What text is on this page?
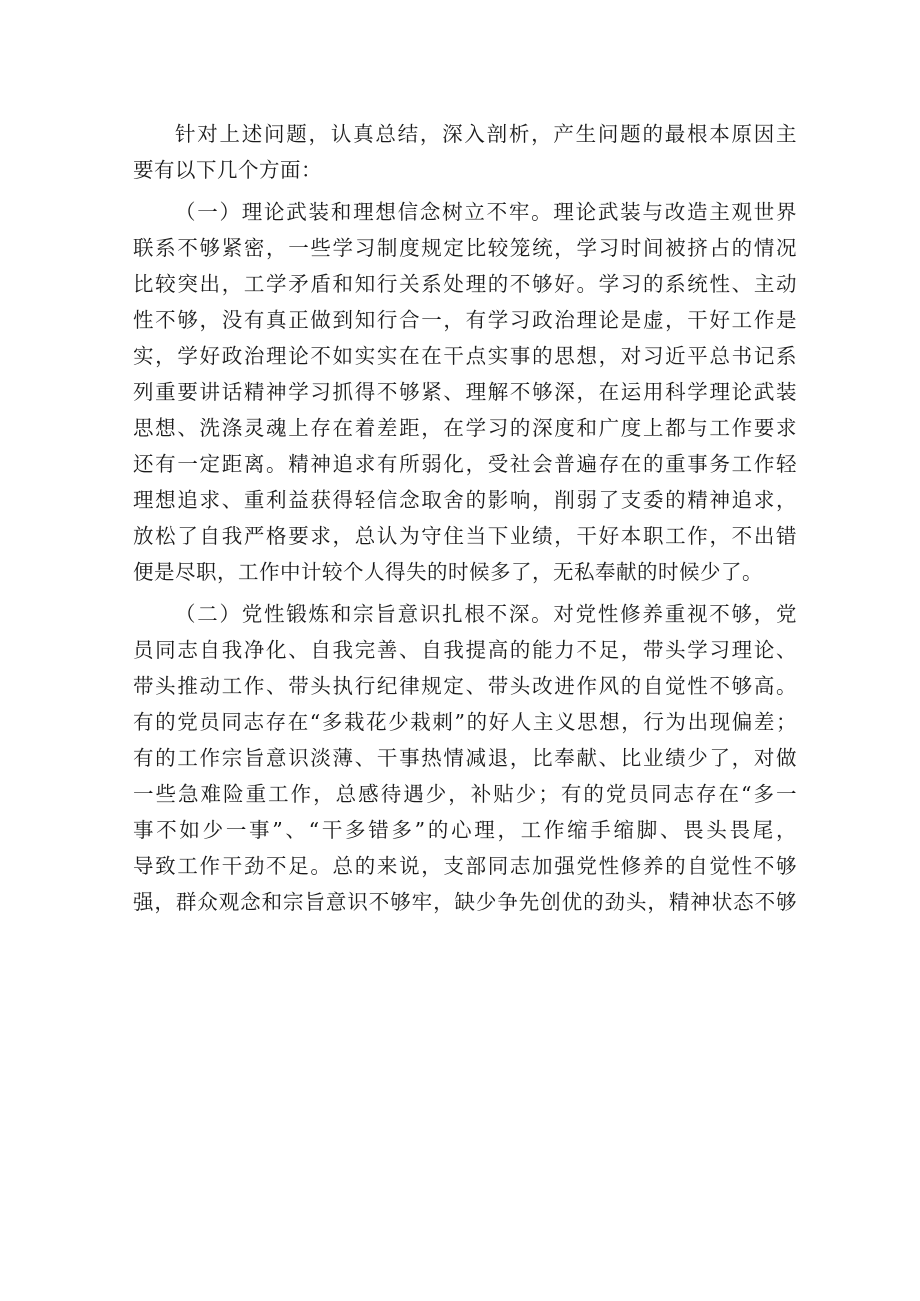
针对上述问题，认真总结，深入剖析，产生问题的最根本原因主
要有以下几个方面：
（一）理论武装和理想信念树立不牢。理论武装与改造主观世界
联系不够紧密，一些学习制度规定比较笼统，学习时间被挤占的情况
比较突出，工学矛盾和知行关系处理的不够好。学习的系统性、主动
性不够，没有真正做到知行合一，有学习政治理论是虚，干好工作是
实，学好政治理论不如实实在在干点实事的思想，对习近平总书记系
列重要讲话精神学习抓得不够紧、理解不够深，在运用科学理论武装
思想、洗涤灵魂上存在着差距，在学习的深度和广度上都与工作要求
还有一定距离。精神追求有所弱化，受社会普遍存在的重事务工作轻
理想追求、重利益获得轻信念取舍的影响，削弱了支委的精神追求，
放松了自我严格要求，总认为守住当下业绩，干好本职工作，不出错
便是尽职，工作中计较个人得失的时候多了，无私奉献的时候少了。
（二）党性锻炼和宗旨意识扎根不深。对党性修养重视不够，党
员同志自我净化、自我完善、自我提高的能力不足，带头学习理论、
带头推动工作、带头执行纪律规定、带头改进作风的自觉性不够高。
有的党员同志存在“多栽花少栽刺”的好人主义思想，行为出现偏差；
有的工作宗旨意识淡薄、干事热情减退，比奉献、比业绩少了，对做
一些急难险重工作，总感待遇少，补贴少；有的党员同志存在“多一
事不如少一事”、“干多错多”的心理，工作缩手缩脚、畏头畏尾，
导致工作干劲不足。总的来说，支部同志加强党性修养的自觉性不够
强，群众观念和宗旨意识不够牢，缺少争先创优的劲头，精神状态不够
